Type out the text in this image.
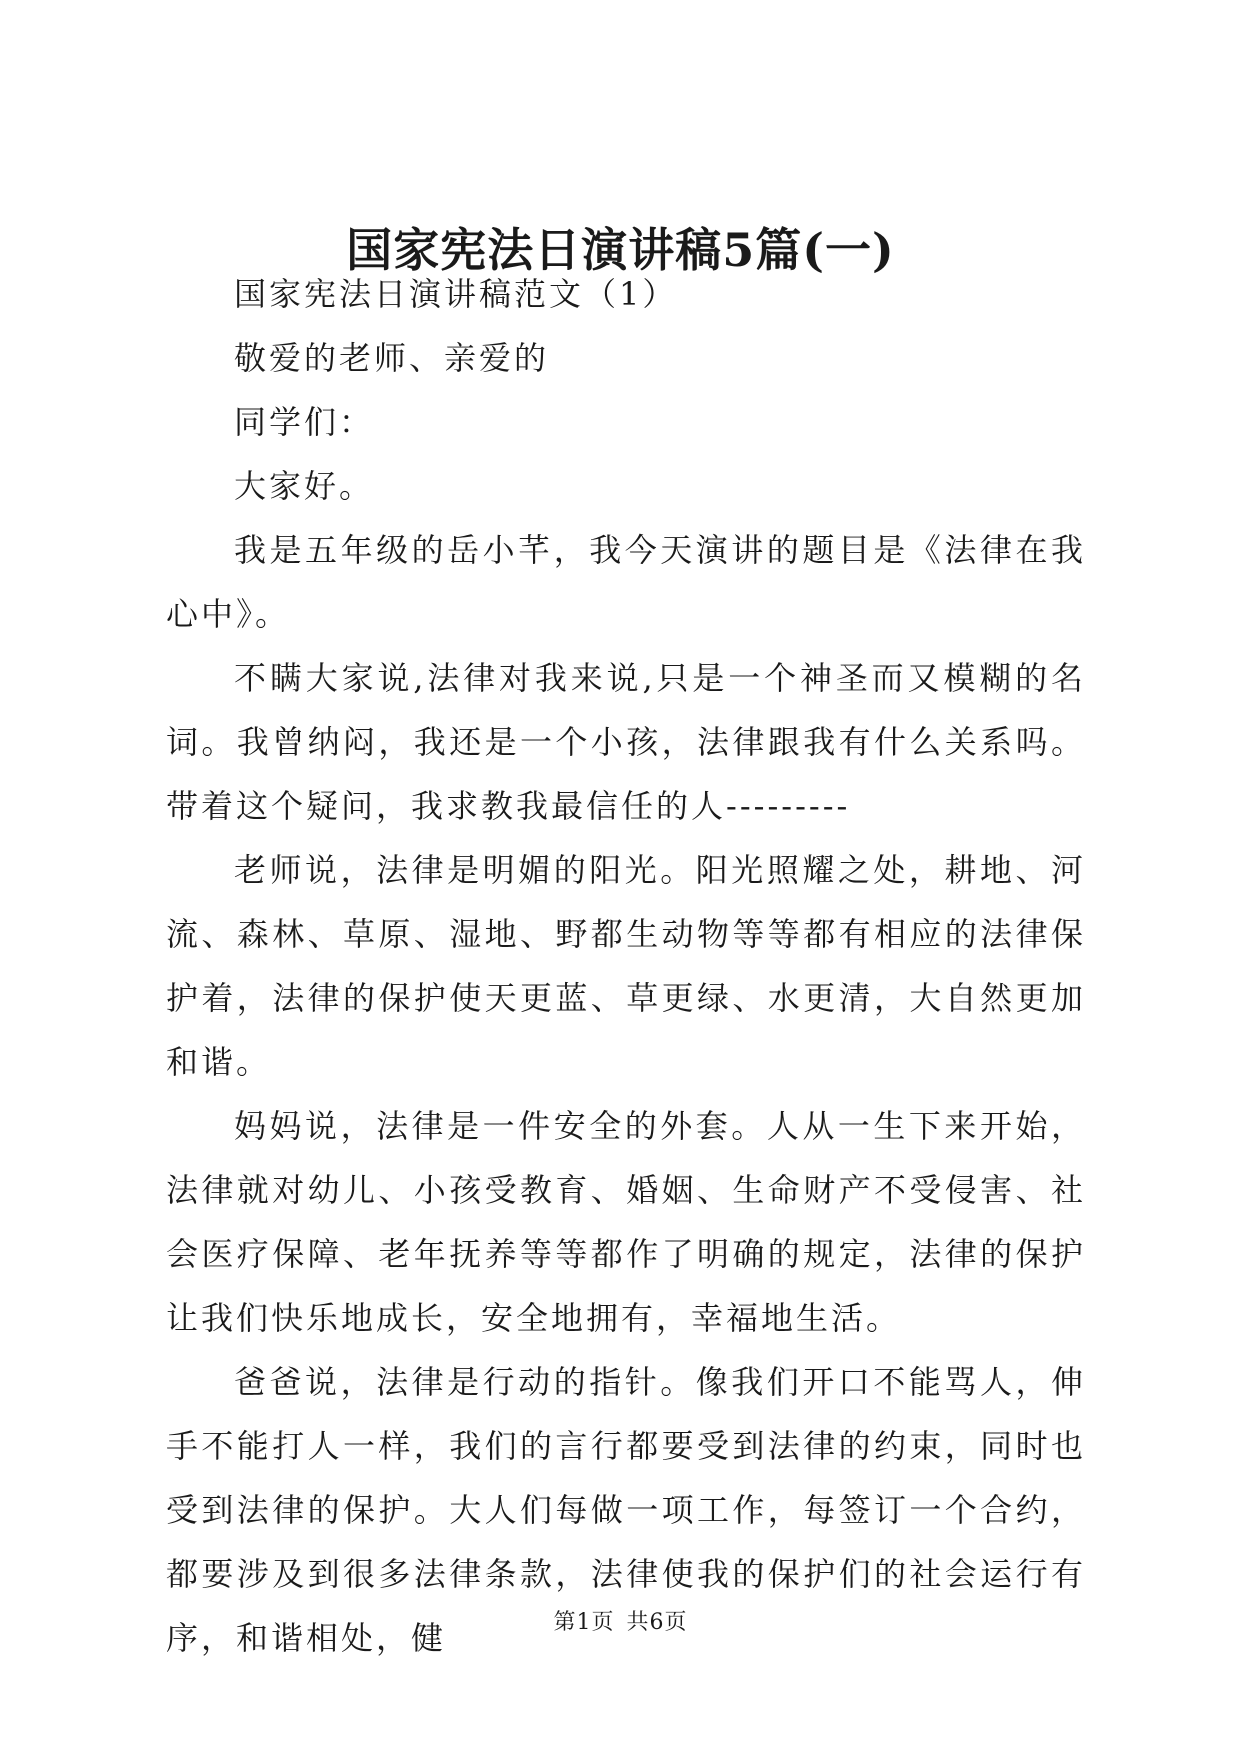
国家宪法日演讲稿5篇(一)

国家宪法日演讲稿范文（1）

敬爱的老师、亲爱的

同学们：

大家好。

我是五年级的岳小芊，我今天演讲的题目是《法律在我心中》。

不瞒大家说,法律对我来说,只是一个神圣而又模糊的名词。我曾纳闷，我还是一个小孩，法律跟我有什么关系吗。带着这个疑问，我求教我最信任的人---------

老师说，法律是明媚的阳光。阳光照耀之处，耕地、河流、森林、草原、湿地、野都生动物等等都有相应的法律保护着，法律的保护使天更蓝、草更绿、水更清，大自然更加和谐。

妈妈说，法律是一件安全的外套。人从一生下来开始，法律就对幼儿、小孩受教育、婚姻、生命财产不受侵害、社会医疗保障、老年抚养等等都作了明确的规定，法律的保护让我们快乐地成长，安全地拥有，幸福地生活。

爸爸说，法律是行动的指针。像我们开口不能骂人，伸手不能打人一样，我们的言行都要受到法律的约束，同时也受到法律的保护。大人们每做一项工作，每签订一个合约，都要涉及到很多法律条款，法律使我的保护们的社会运行有序，和谐相处，健	第1页 共6页
